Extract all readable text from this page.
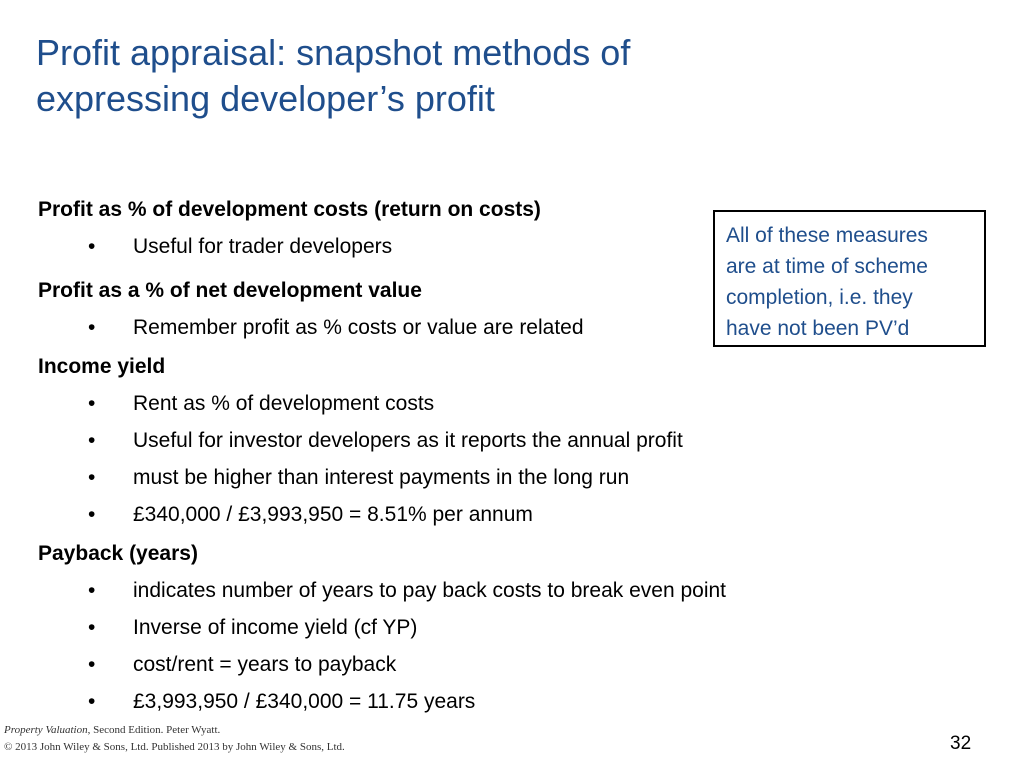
Profit appraisal: snapshot methods of
expressing developer’s profit
Profit as % of development costs (return on costs)
• Useful for trader developers
Profit as a % of net development value
• Remember profit as % costs or value are related
Income yield
• Rent as % of development costs
• Useful for investor developers as it reports the annual profit
• must be higher than interest payments in the long run
• £340,000 / £3,993,950 = 8.51% per annum
Payback (years)
• indicates number of years to pay back costs to break even point
• Inverse of income yield (cf YP)
• cost/rent = years to payback
• £3,993,950 / £340,000 = 11.75 years
All of these measures
are at time of scheme
completion, i.e. they
have not been PV’d
Property Valuation, Second Edition. Peter Wyatt.
© 2013 John Wiley & Sons, Ltd. Published 2013 by John Wiley & Sons, Ltd.	32
